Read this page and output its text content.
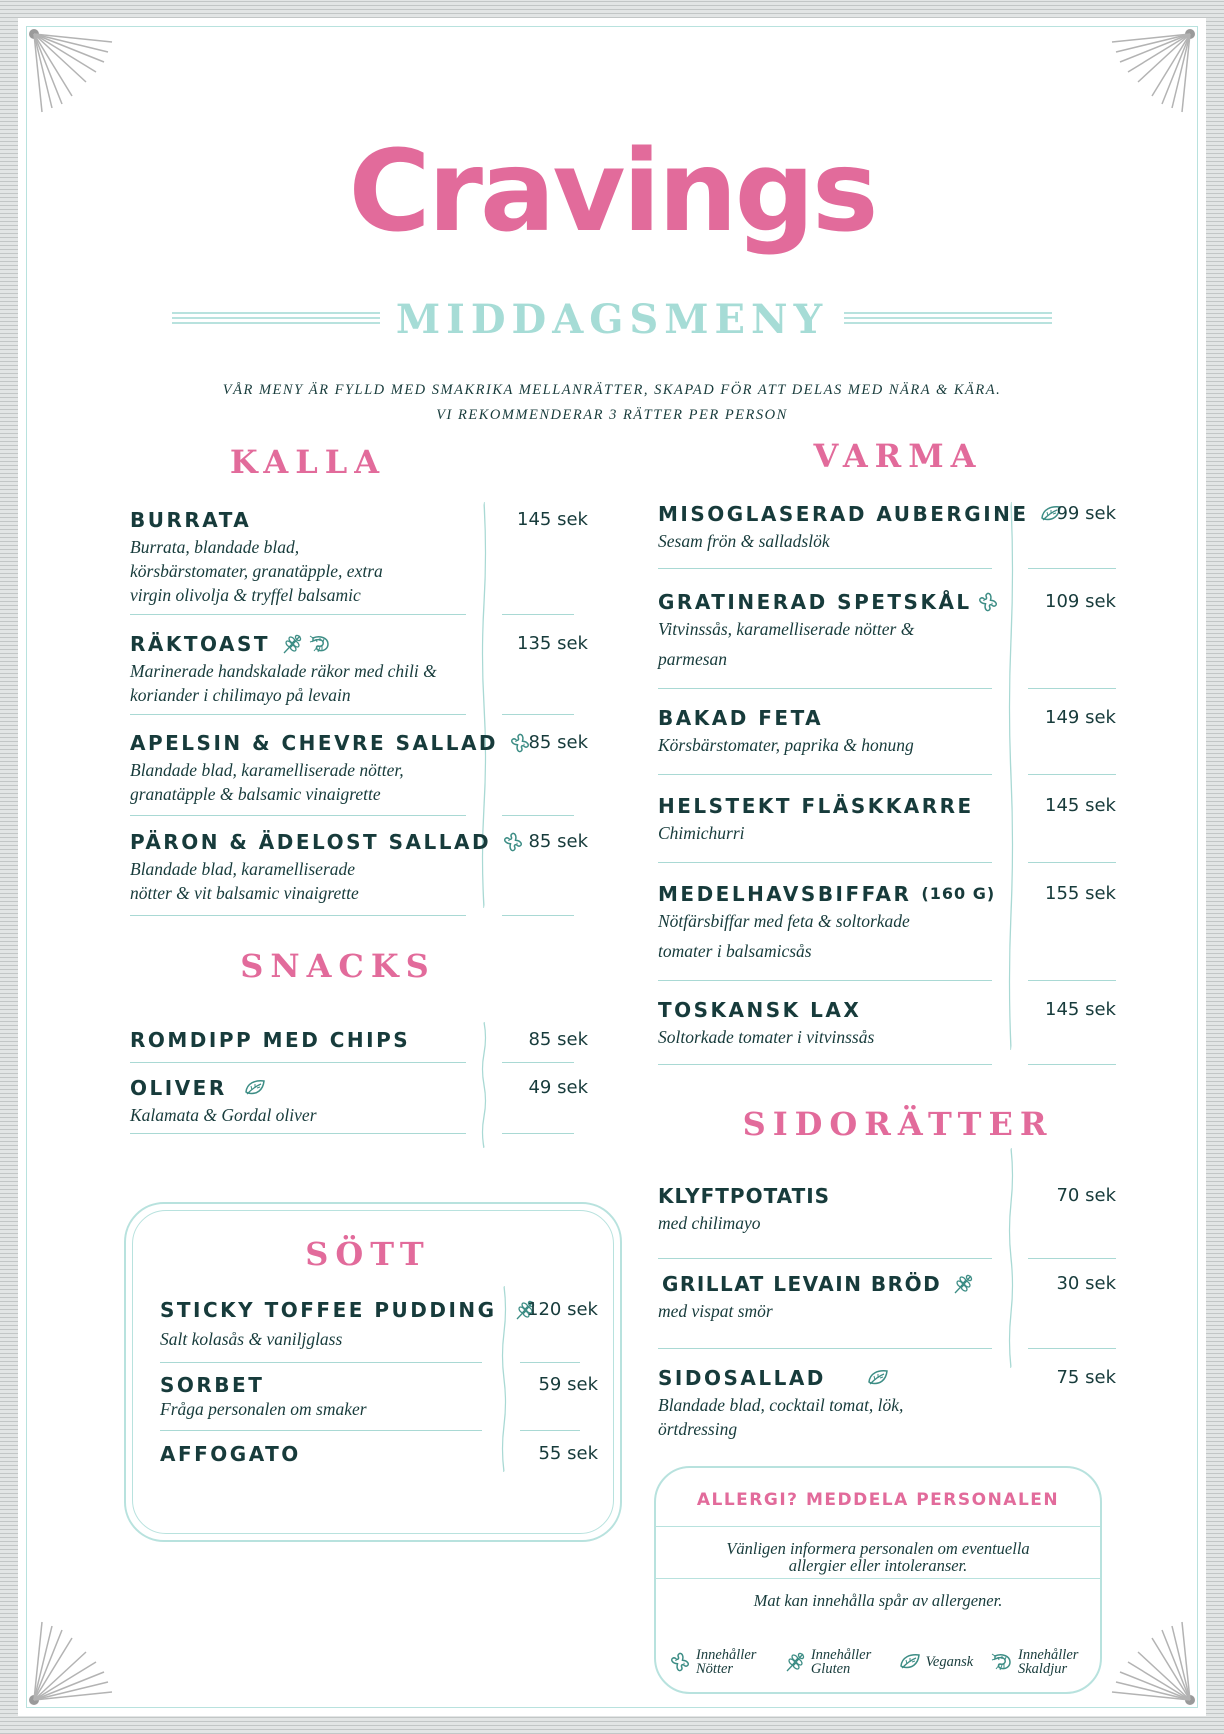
Cravings
MIDDAGSMENY
VÅR MENY ÄR FYLLD MED SMAKRIKA MELLANRÄTTER, SKAPAD FÖR ATT DELAS MED NÄRA & KÄRA.
VI REKOMMENDERAR 3 RÄTTER PER PERSON
KALLA
BURRATA
Burrata, blandade blad, körsbärstomater, granatäpple, extra virgin olivolja & tryffel balsamic
145 sek
RÄKTOAST
Marinerade handskalade räkor med chili & koriander i chilimayo på levain
135 sek
APELSIN & CHEVRE SALLAD
Blandade blad, karamelliserade nötter, granatäpple & balsamic vinaigrette
85 sek
PÄRON & ÄDELOST SALLAD
Blandade blad, karamelliserade nötter & vit balsamic vinaigrette
85 sek
SNACKS
ROMDIPP MED CHIPS	85 sek
OLIVER
Kalamata & Gordal oliver
49 sek
SÖTT
STICKY TOFFEE PUDDING
Salt kolasås & vaniljglass
120 sek
SORBET
Fråga personalen om smaker
59 sek
AFFOGATO	55 sek
VARMA
MISOGLASERAD AUBERGINE
Sesam frön & salladslök
99 sek
GRATINERAD SPETSKÅL
Vitvinssås, karamelliserade nötter & parmesan
109 sek
BAKAD FETA
Körsbärstomater, paprika & honung
149 sek
HELSTEKT FLÄSKKARRE
Chimichurri
145 sek
MEDELHAVSBIFFAR (160 G)
Nötfärsbiffar med feta & soltorkade tomater i balsamicsås
155 sek
TOSKANSK LAX
Soltorkade tomater i vitvinssås
145 sek
SIDORÄTTER
KLYFTPOTATIS
med chilimayo
70 sek
GRILLAT LEVAIN BRÖD
med vispat smör
30 sek
SIDOSALLAD
Blandade blad, cocktail tomat, lök, örtdressing
75 sek
ALLERGI? MEDDELA PERSONALEN
Vänligen informera personalen om eventuella allergier eller intoleranser.
Mat kan innehålla spår av allergener.
Innehåller Nötter
Innehåller Gluten	Vegansk	Innehåller Skaldjur
